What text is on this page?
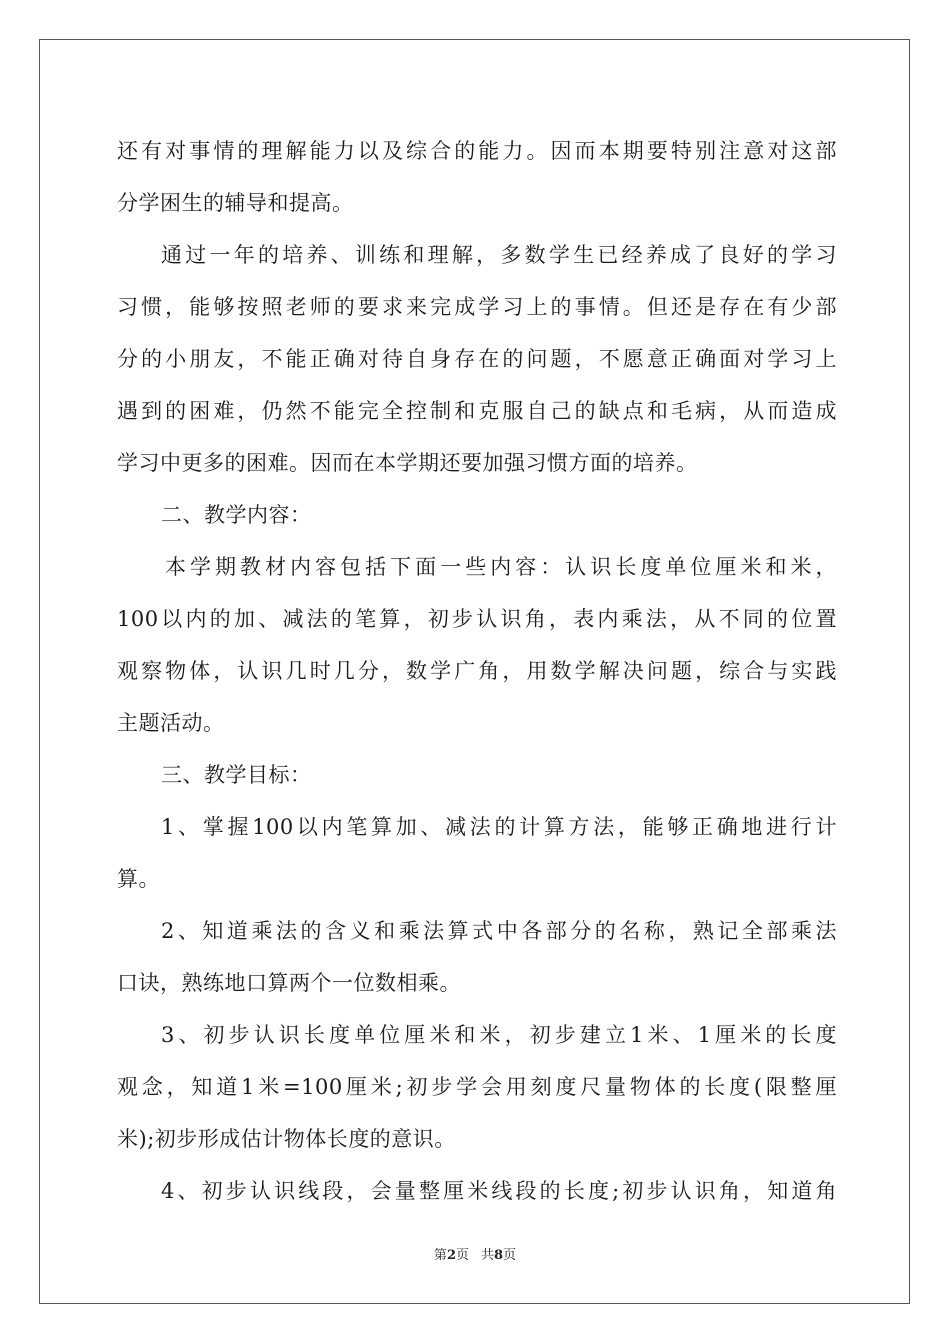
还有对事情的理解能力以及综合的能力。因而本期要特别注意对这部
分学困生的辅导和提高。
通过一年的培养、训练和理解，多数学生已经养成了良好的学习
习惯，能够按照老师的要求来完成学习上的事情。但还是存在有少部
分的小朋友，不能正确对待自身存在的问题，不愿意正确面对学习上
遇到的困难，仍然不能完全控制和克服自己的缺点和毛病，从而造成
学习中更多的困难。因而在本学期还要加强习惯方面的培养。
二、教学内容：
本学期教材内容包括下面一些内容：认识长度单位厘米和米，
100以内的加、减法的笔算，初步认识角，表内乘法，从不同的位置
观察物体，认识几时几分，数学广角，用数学解决问题，综合与实践
主题活动。
三、教学目标：
1、掌握100以内笔算加、减法的计算方法，能够正确地进行计
算。
2、知道乘法的含义和乘法算式中各部分的名称，熟记全部乘法
口诀，熟练地口算两个一位数相乘。
3、初步认识长度单位厘米和米，初步建立1米、1厘米的长度
观念，知道1米=100厘米;初步学会用刻度尺量物体的长度(限整厘
米);初步形成估计物体长度的意识。
4、初步认识线段，会量整厘米线段的长度;初步认识角，知道角
第2页 共8页
